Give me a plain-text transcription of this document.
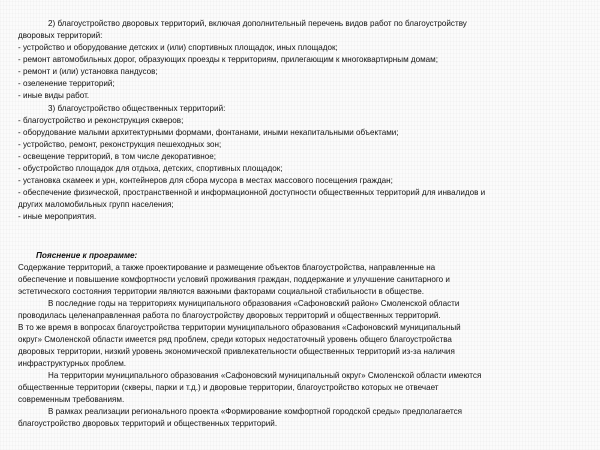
2) благоустройство дворовых территорий, включая дополнительный перечень видов работ по благоустройству
дворовых территорий:
- устройство и оборудование детских и (или) спортивных площадок, иных площадок;
- ремонт автомобильных дорог, образующих проезды к территориям, прилегающим к многоквартирным домам;
- ремонт и (или) установка пандусов;
- озеленение территорий;
- иные виды работ.
3) благоустройство общественных территорий:
- благоустройство и реконструкция скверов;
- оборудование малыми архитектурными формами, фонтанами, иными некапитальными объектами;
- устройство, ремонт, реконструкция пешеходных зон;
- освещение территорий, в том числе декоративное;
- обустройство площадок для отдыха, детских, спортивных площадок;
- установка скамеек и урн, контейнеров для сбора мусора в местах массового посещения граждан;
- обеспечение физической, пространственной и информационной доступности общественных территорий для инвалидов и
других маломобильных групп населения;
- иные мероприятия.
Пояснение к программе:
Содержание территорий, а также проектирование и размещение объектов благоустройства, направленные на
обеспечение и повышение комфортности условий проживания граждан, поддержание и улучшение санитарного и
эстетического состояния территории являются важными факторами социальной стабильности в обществе.
В последние годы на территориях муниципального образования «Сафоновский район» Смоленской области
проводилась целенаправленная работа по благоустройству дворовых территорий и общественных территорий.
В то же время в вопросах благоустройства территории муниципального образования «Сафоновский муниципальный
округ» Смоленской области имеется ряд проблем, среди которых недостаточный уровень общего благоустройства
дворовых территории, низкий уровень экономической привлекательности общественных территорий из-за наличия
инфраструктурных проблем.
На территории муниципального образования «Сафоновский муниципальный округ» Смоленской области имеются
общественные территории (скверы, парки и т.д.) и дворовые территории, благоустройство которых не отвечает
современным требованиям.
В рамках реализации регионального проекта «Формирование комфортной городской среды» предполагается
благоустройство дворовых территорий и общественных территорий.
